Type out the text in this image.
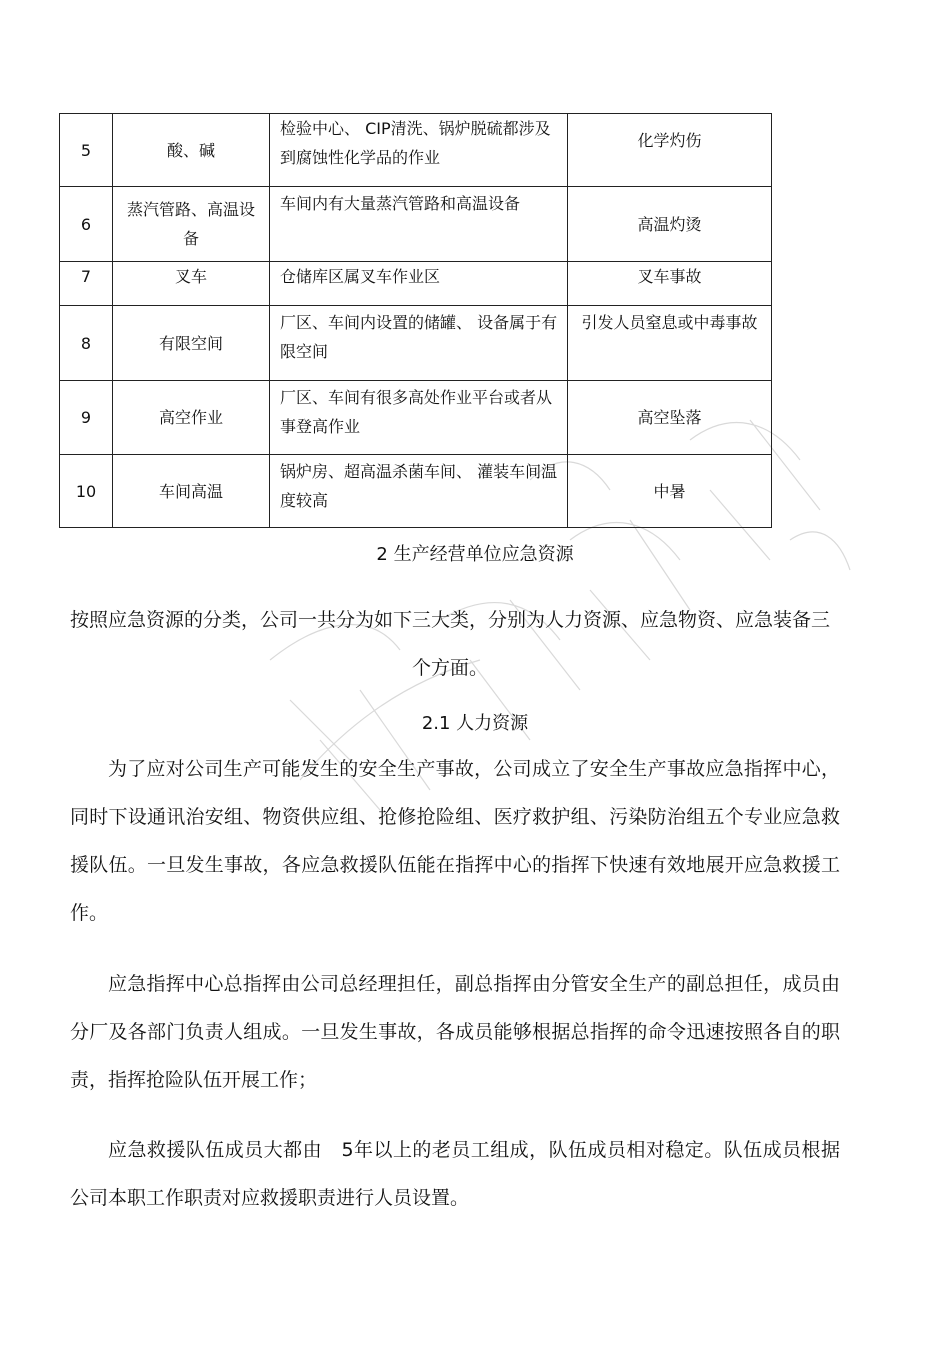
5	酸、碱	检验中心、 CIP清洗、锅炉脱硫都涉及到腐蚀性化学品的作业	化学灼伤
6	蒸汽管路、高温设备	车间内有大量蒸汽管路和高温设备	高温灼烫
7	叉车	仓储库区属叉车作业区	叉车事故
8	有限空间	厂区、车间内设置的储罐、 设备属于有限空间	引发人员窒息或中毒事故
9	高空作业	厂区、车间有很多高处作业平台或者从事登高作业	高空坠落
10	车间高温	锅炉房、超高温杀菌车间、 灌装车间温度较高	中暑
2 生产经营单位应急资源

按照应急资源的分类，公司一共分为如下三大类，分别为人力资源、应急物资、应急装备三个方面。

2.1 人力资源

为了应对公司生产可能发生的安全生产事故，公司成立了安全生产事故应急指挥中心，同时下设通讯治安组、物资供应组、抢修抢险组、医疗救护组、污染防治组五个专业应急救援队伍。一旦发生事故，各应急救援队伍能在指挥中心的指挥下快速有效地展开应急救援工作。

应急指挥中心总指挥由公司总经理担任，副总指挥由分管安全生产的副总担任，成员由分厂及各部门负责人组成。一旦发生事故，各成员能够根据总指挥的命令迅速按照各自的职责，指挥抢险队伍开展工作；

应急救援队伍成员大都由　5年以上的老员工组成，队伍成员相对稳定。队伍成员根据公司本职工作职责对应救援职责进行人员设置。
